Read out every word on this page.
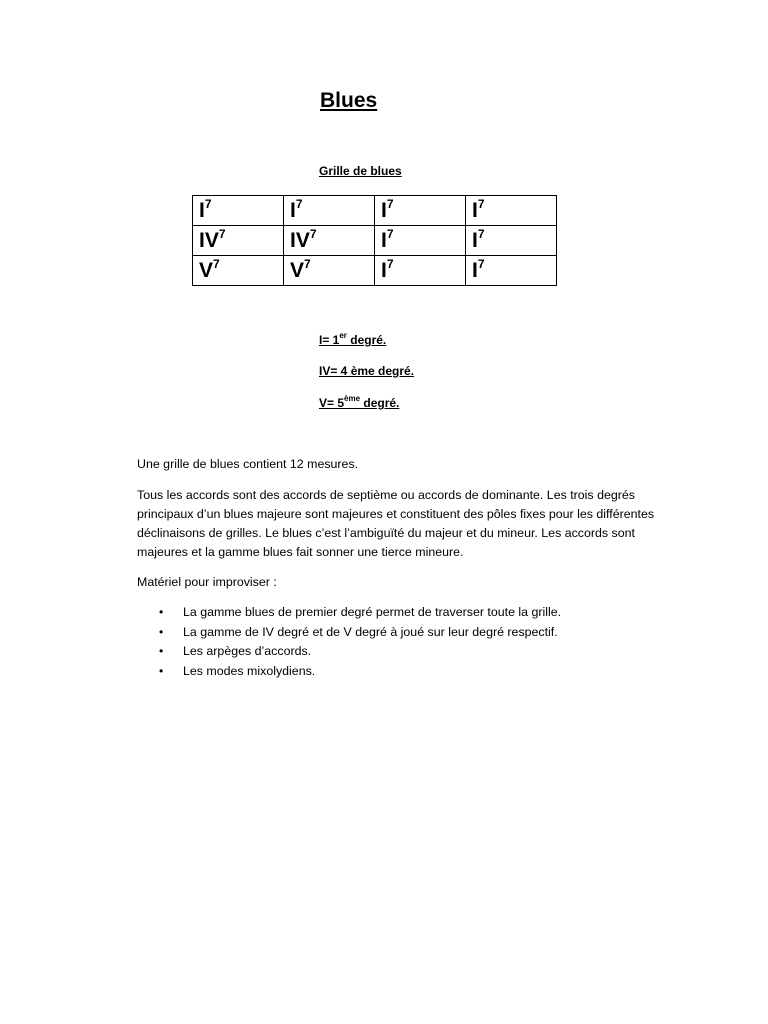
Blues
Grille de blues
$I^7$	$I^7$	$I^7$	$I^7$
$IV^7$	$IV^7$	$I^7$	$I^7$
$V^7$	$V^7$	$I^7$	$I^7$
I= 1er degré.
IV= 4 ème degré.
V= 5ème degré.

Une grille de blues contient 12 mesures.

Tous les accords sont des accords de septième ou accords de dominante. Les trois degrés principaux d’un blues majeure sont majeures et constituent des pôles fixes pour les différentes déclinaisons de grilles. Le blues c’est l’ambiguïté du majeur et du mineur. Les accords sont majeures et la gamme blues fait sonner une tierce mineure.

Matériel pour improviser :

• La gamme blues de premier degré permet de traverser toute la grille.
• La gamme de IV degré et de V degré à joué sur leur degré respectif.
• Les arpèges d’accords.
• Les modes mixolydiens.
